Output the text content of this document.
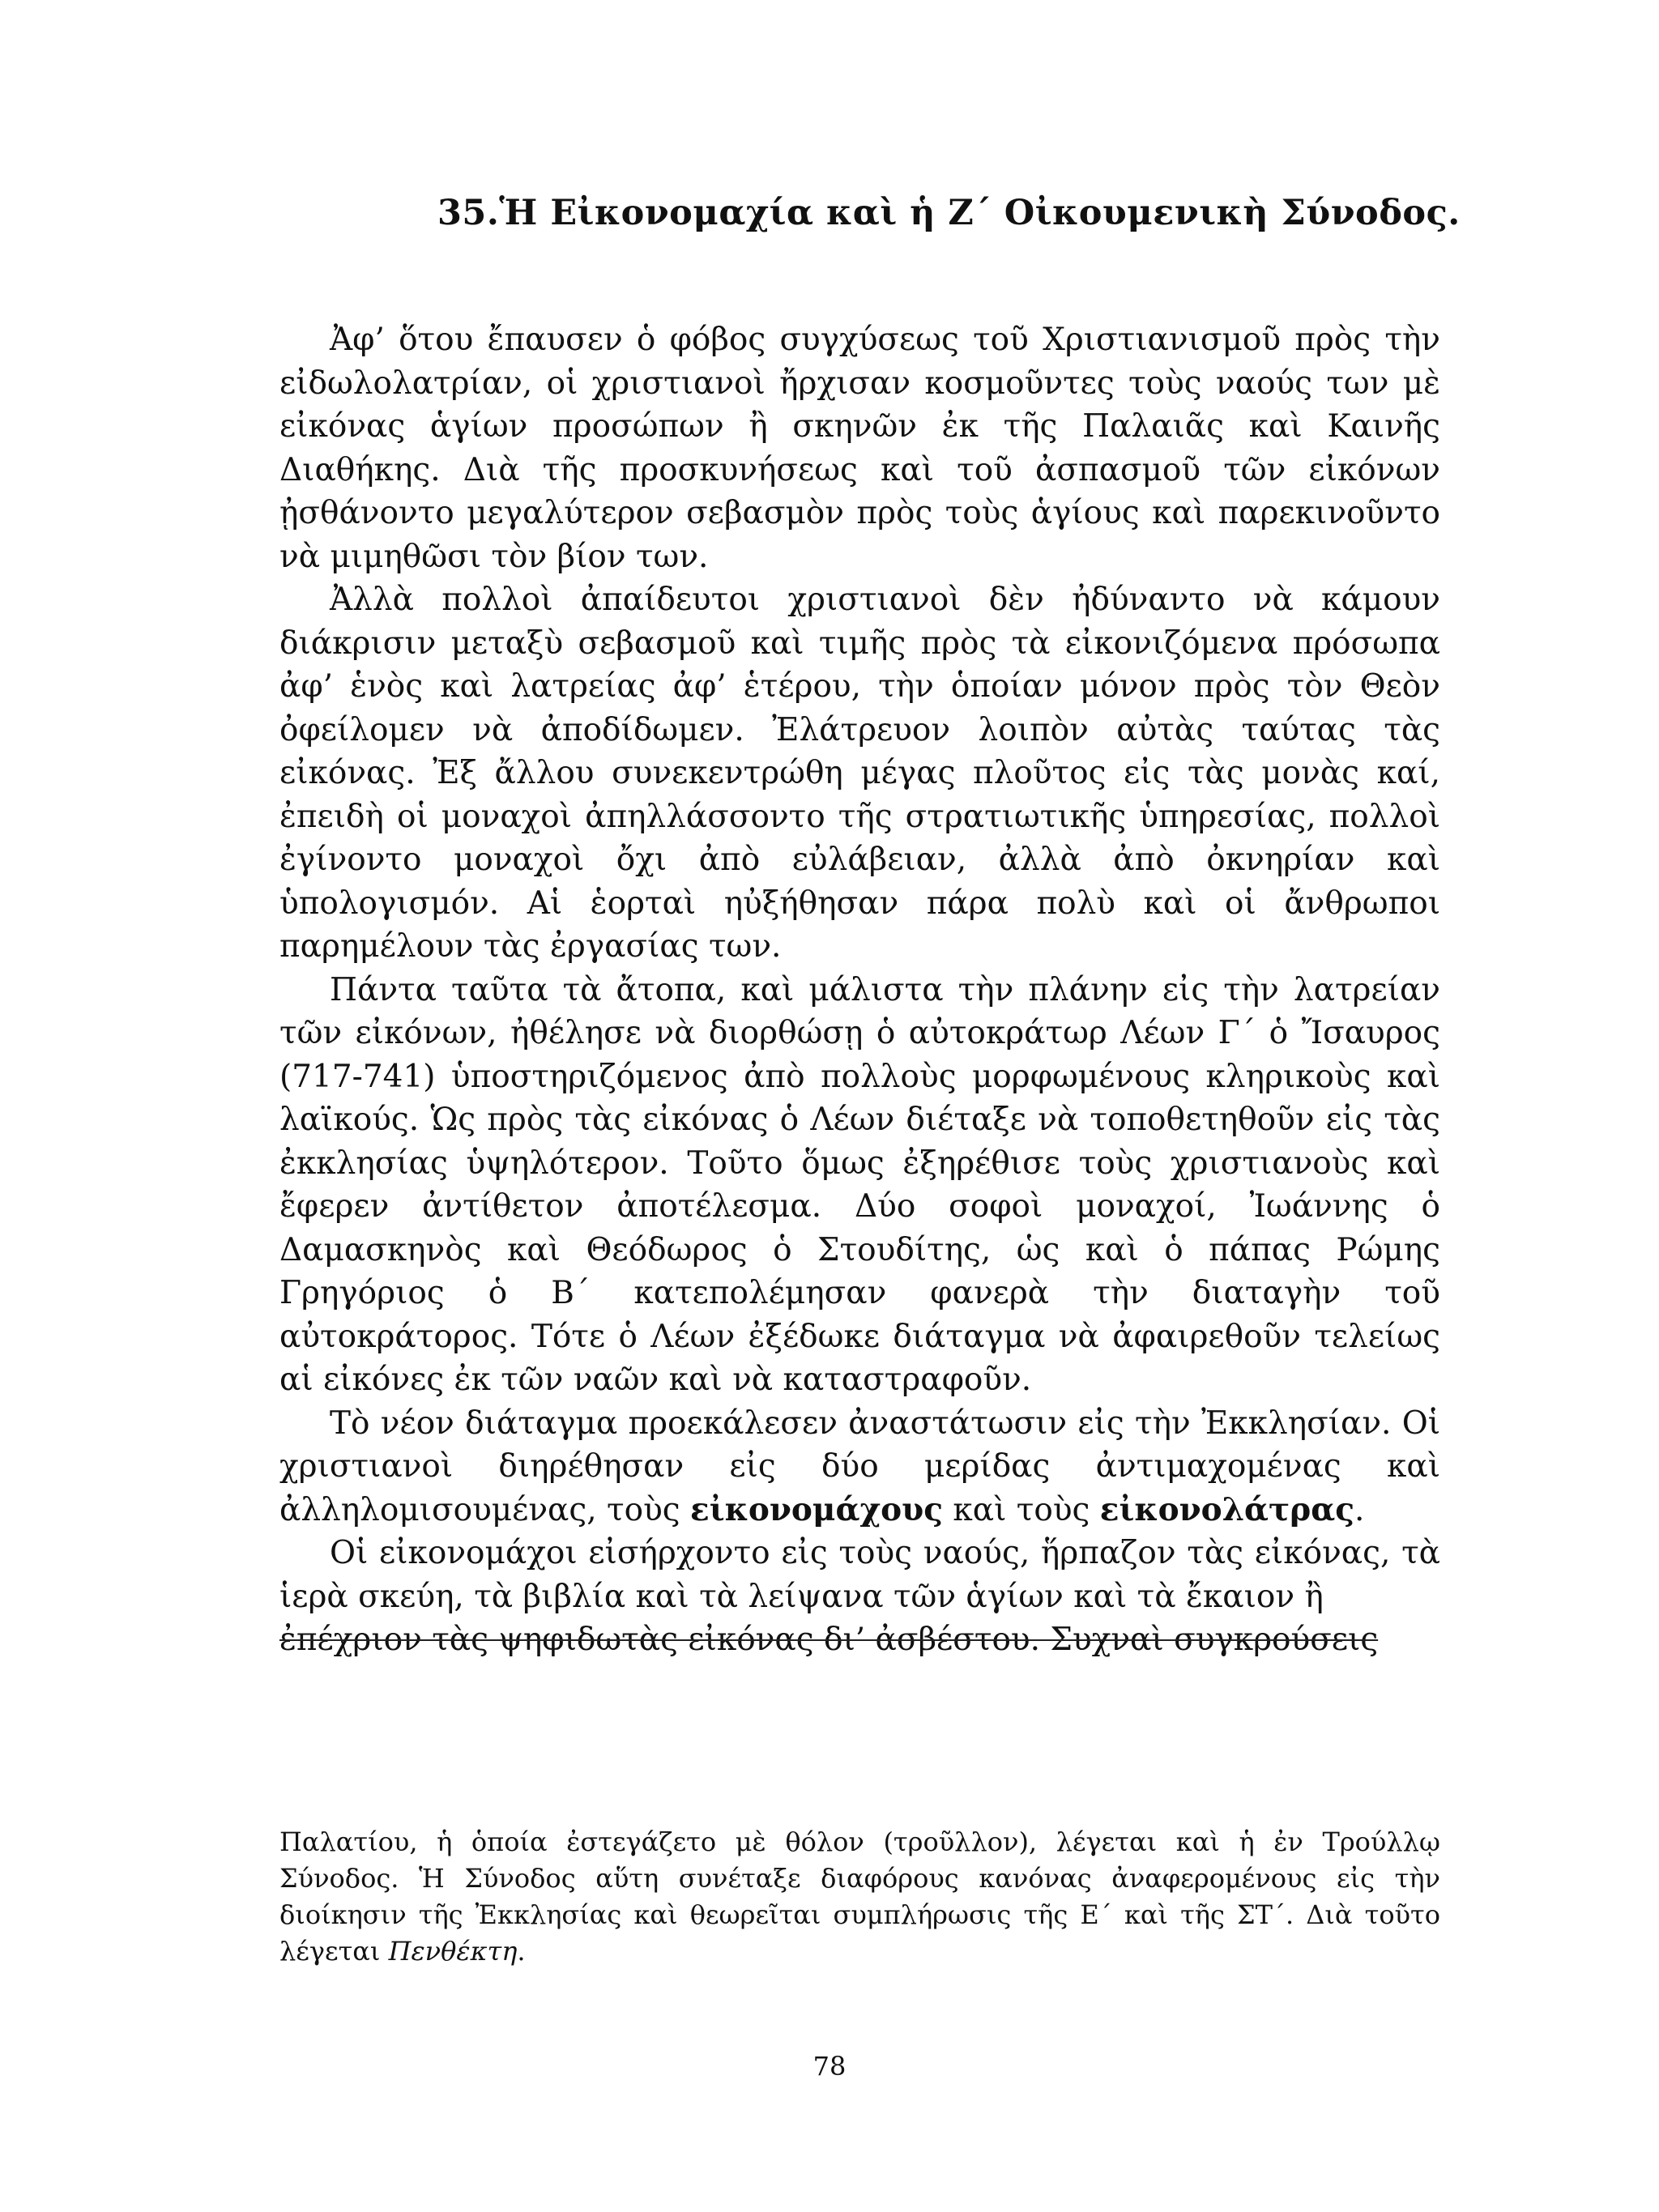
35.Ἡ Εἰκονομαχία καὶ ἡ Ζ΄ Οἰκουμενικὴ Σύνοδος.

Ἀφ’ ὅτου ἔπαυσεν ὁ φόβος συγχύσεως τοῦ Χριστιανισμοῦ πρὸς τὴν εἰδωλολατρίαν, οἱ χριστιανοὶ ἤρχισαν κοσμοῦντες τοὺς ναούς των μὲ εἰκόνας ἁγίων προσώπων ἢ σκηνῶν ἐκ τῆς Παλαιᾶς καὶ Καινῆς Διαθήκης. Διὰ τῆς προσκυνήσεως καὶ τοῦ ἀσπασμοῦ τῶν εἰκόνων ᾐσθάνοντο μεγαλύτερον σεβασμὸν πρὸς τοὺς ἁγίους καὶ παρεκινοῦντο νὰ μιμηθῶσι τὸν βίον των.

Ἀλλὰ πολλοὶ ἀπαίδευτοι χριστιανοὶ δὲν ἠδύναντο νὰ κάμουν διάκρισιν μεταξὺ σεβασμοῦ καὶ τιμῆς πρὸς τὰ εἰκονιζόμενα πρόσωπα ἀφ’ ἑνὸς καὶ λατρείας ἀφ’ ἑτέρου, τὴν ὁποίαν μόνον πρὸς τὸν Θεὸν ὀφείλομεν νὰ ἀποδίδωμεν. Ἐλάτρευον λοιπὸν αὐτὰς ταύτας τὰς εἰκόνας. Ἐξ ἄλλου συνεκεντρώθη μέγας πλοῦτος εἰς τὰς μονὰς καί, ἐπειδὴ οἱ μοναχοὶ ἀπηλλάσσοντο τῆς στρατιωτικῆς ὑπηρεσίας, πολλοὶ ἐγίνοντο μοναχοὶ ὄχι ἀπὸ εὐλάβειαν, ἀλλὰ ἀπὸ ὀκνηρίαν καὶ ὑπολογισμόν. Αἱ ἑορταὶ ηὐξήθησαν πάρα πολὺ καὶ οἱ ἄνθρωποι παρημέλουν τὰς ἐργασίας των.

Πάντα ταῦτα τὰ ἄτοπα, καὶ μάλιστα τὴν πλάνην εἰς τὴν λατρείαν τῶν εἰκόνων, ἠθέλησε νὰ διορθώσῃ ὁ αὐτοκράτωρ Λέων Γ΄ ὁ Ἴσαυρος (717-741) ὑποστηριζόμενος ἀπὸ πολλοὺς μορφωμένους κληρικοὺς καὶ λαϊκούς. Ὡς πρὸς τὰς εἰκόνας ὁ Λέων διέταξε νὰ τοποθετηθοῦν εἰς τὰς ἐκκλησίας ὑψηλότερον. Τοῦτο ὅμως ἐξηρέθισε τοὺς χριστιανοὺς καὶ ἔφερεν ἀντίθετον ἀποτέλεσμα. Δύο σοφοὶ μοναχοί, Ἰωάννης ὁ Δαμασκηνὸς καὶ Θεόδωρος ὁ Στουδίτης, ὡς καὶ ὁ πάπας Ρώμης Γρηγόριος ὁ Β΄ κατεπολέμησαν φανερὰ τὴν διαταγὴν τοῦ αὐτοκράτορος. Τότε ὁ Λέων ἐξέδωκε διάταγμα νὰ ἀφαιρεθοῦν τελείως αἱ εἰκόνες ἐκ τῶν ναῶν καὶ νὰ καταστραφοῦν.

Τὸ νέον διάταγμα προεκάλεσεν ἀναστάτωσιν εἰς τὴν Ἐκκλησίαν. Οἱ χριστιανοὶ διηρέθησαν εἰς δύο μερίδας ἀντιμαχομένας καὶ ἀλληλομισουμένας, τοὺς εἰκονομάχους καὶ τοὺς εἰκονολάτρας.

Οἱ εἰκονομάχοι εἰσήρχοντο εἰς τοὺς ναούς, ἥρπαζον τὰς εἰκόνας, τὰ ἱερὰ σκεύη, τὰ βιβλία καὶ τὰ λείψανα τῶν ἁγίων καὶ τὰ ἔκαιον ἢ

ἐπέχριον τὰς ψηφιδωτὰς εἰκόνας δι’ ἀσβέστου. Συχναὶ συγκρούσεις

Παλατίου, ἡ ὁποία ἐστεγάζετο μὲ θόλον (τροῦλλον), λέγεται καὶ ἡ ἐν Τρούλλῳ Σύνοδος. Ἡ Σύνοδος αὕτη συνέταξε διαφόρους κανόνας ἀναφερομένους εἰς τὴν διοίκησιν τῆς Ἐκκλησίας καὶ θεωρεῖται συμπλήρωσις τῆς Ε΄ καὶ τῆς ΣΤ΄. Διὰ τοῦτο λέγεται Πενθέκτη.
78
